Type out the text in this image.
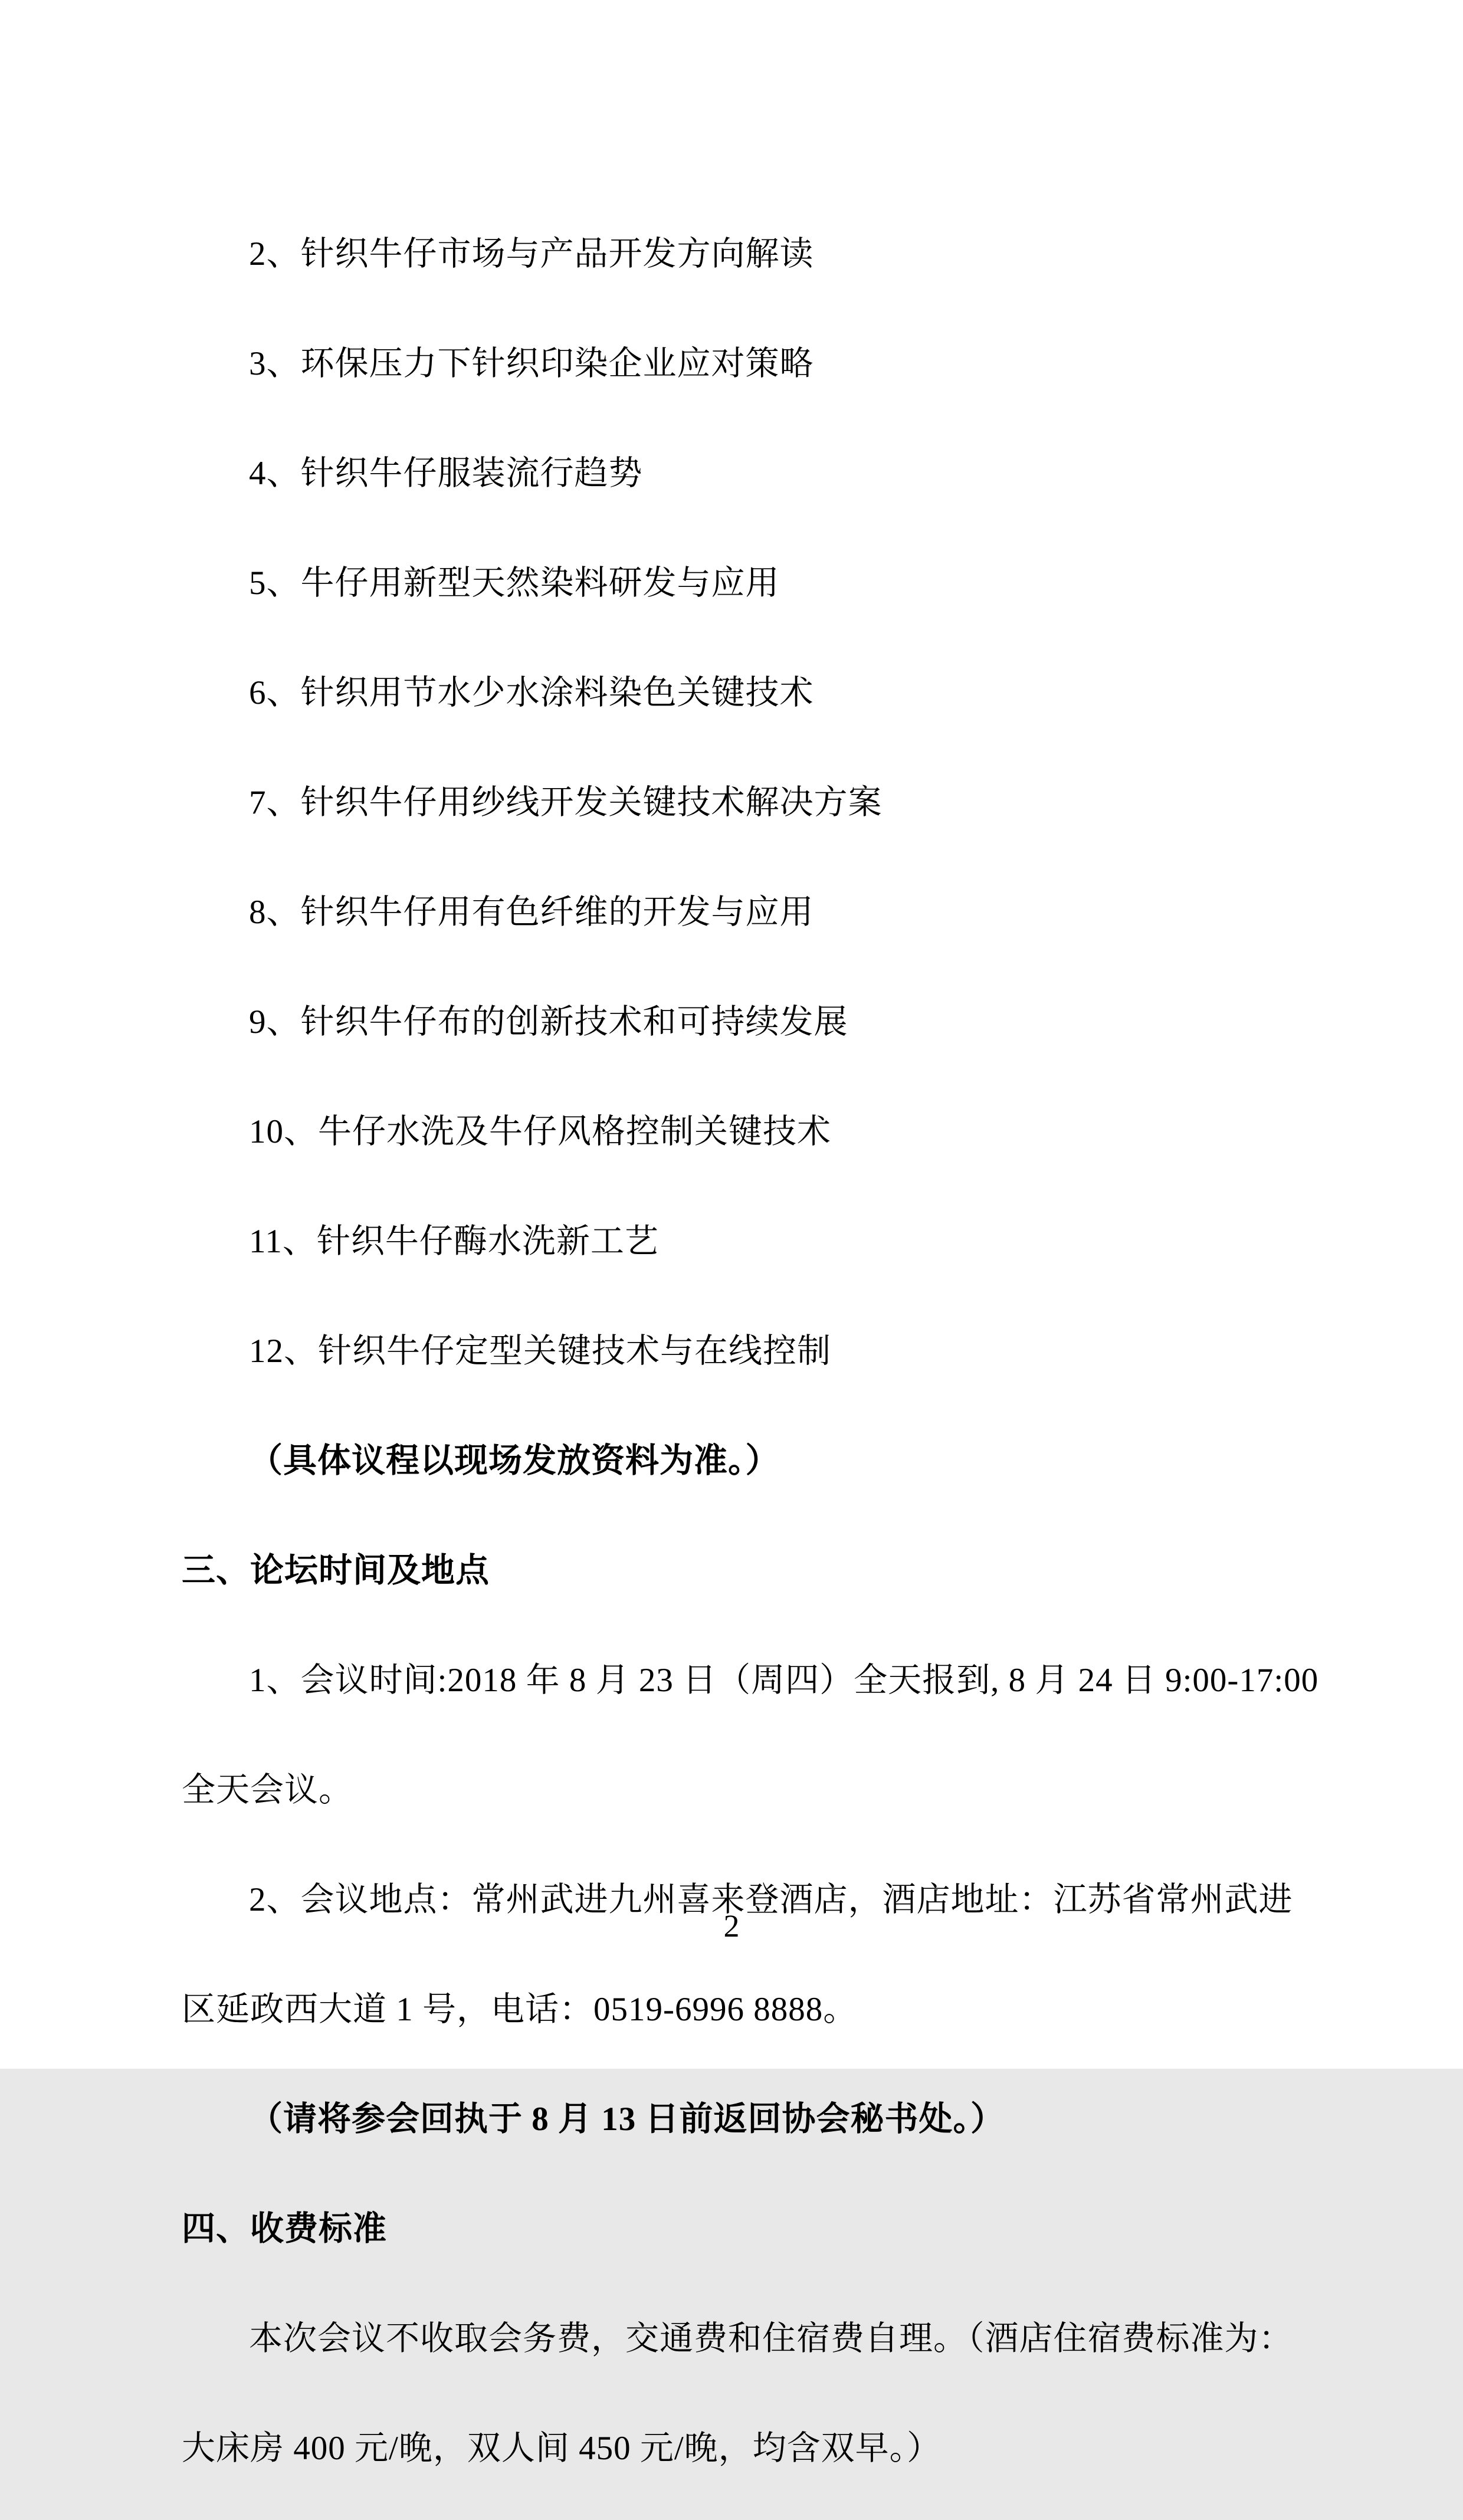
2、针织牛仔市场与产品开发方向解读

3、环保压力下针织印染企业应对策略

4、针织牛仔服装流行趋势

5、牛仔用新型天然染料研发与应用

6、针织用节水少水涂料染色关键技术

7、针织牛仔用纱线开发关键技术解决方案

8、针织牛仔用有色纤维的开发与应用

9、针织牛仔布的创新技术和可持续发展

10、牛仔水洗及牛仔风格控制关键技术

11、针织牛仔酶水洗新工艺

12、针织牛仔定型关键技术与在线控制

（具体议程以现场发放资料为准。）

三、论坛时间及地点

1、会议时间:2018 年 8 月 23 日（周四）全天报到, 8 月 24 日 9:00-17:00

全天会议。

2、会议地点：常州武进九州喜来登酒店，酒店地址：江苏省常州武进

区延政西大道 1 号，电话：0519-6996 8888。

（请将参会回执于 8 月 13 日前返回协会秘书处。）

四、收费标准

本次会议不收取会务费，交通费和住宿费自理。（酒店住宿费标准为：

大床房 400 元/晚，双人间 450 元/晚，均含双早。）

2
